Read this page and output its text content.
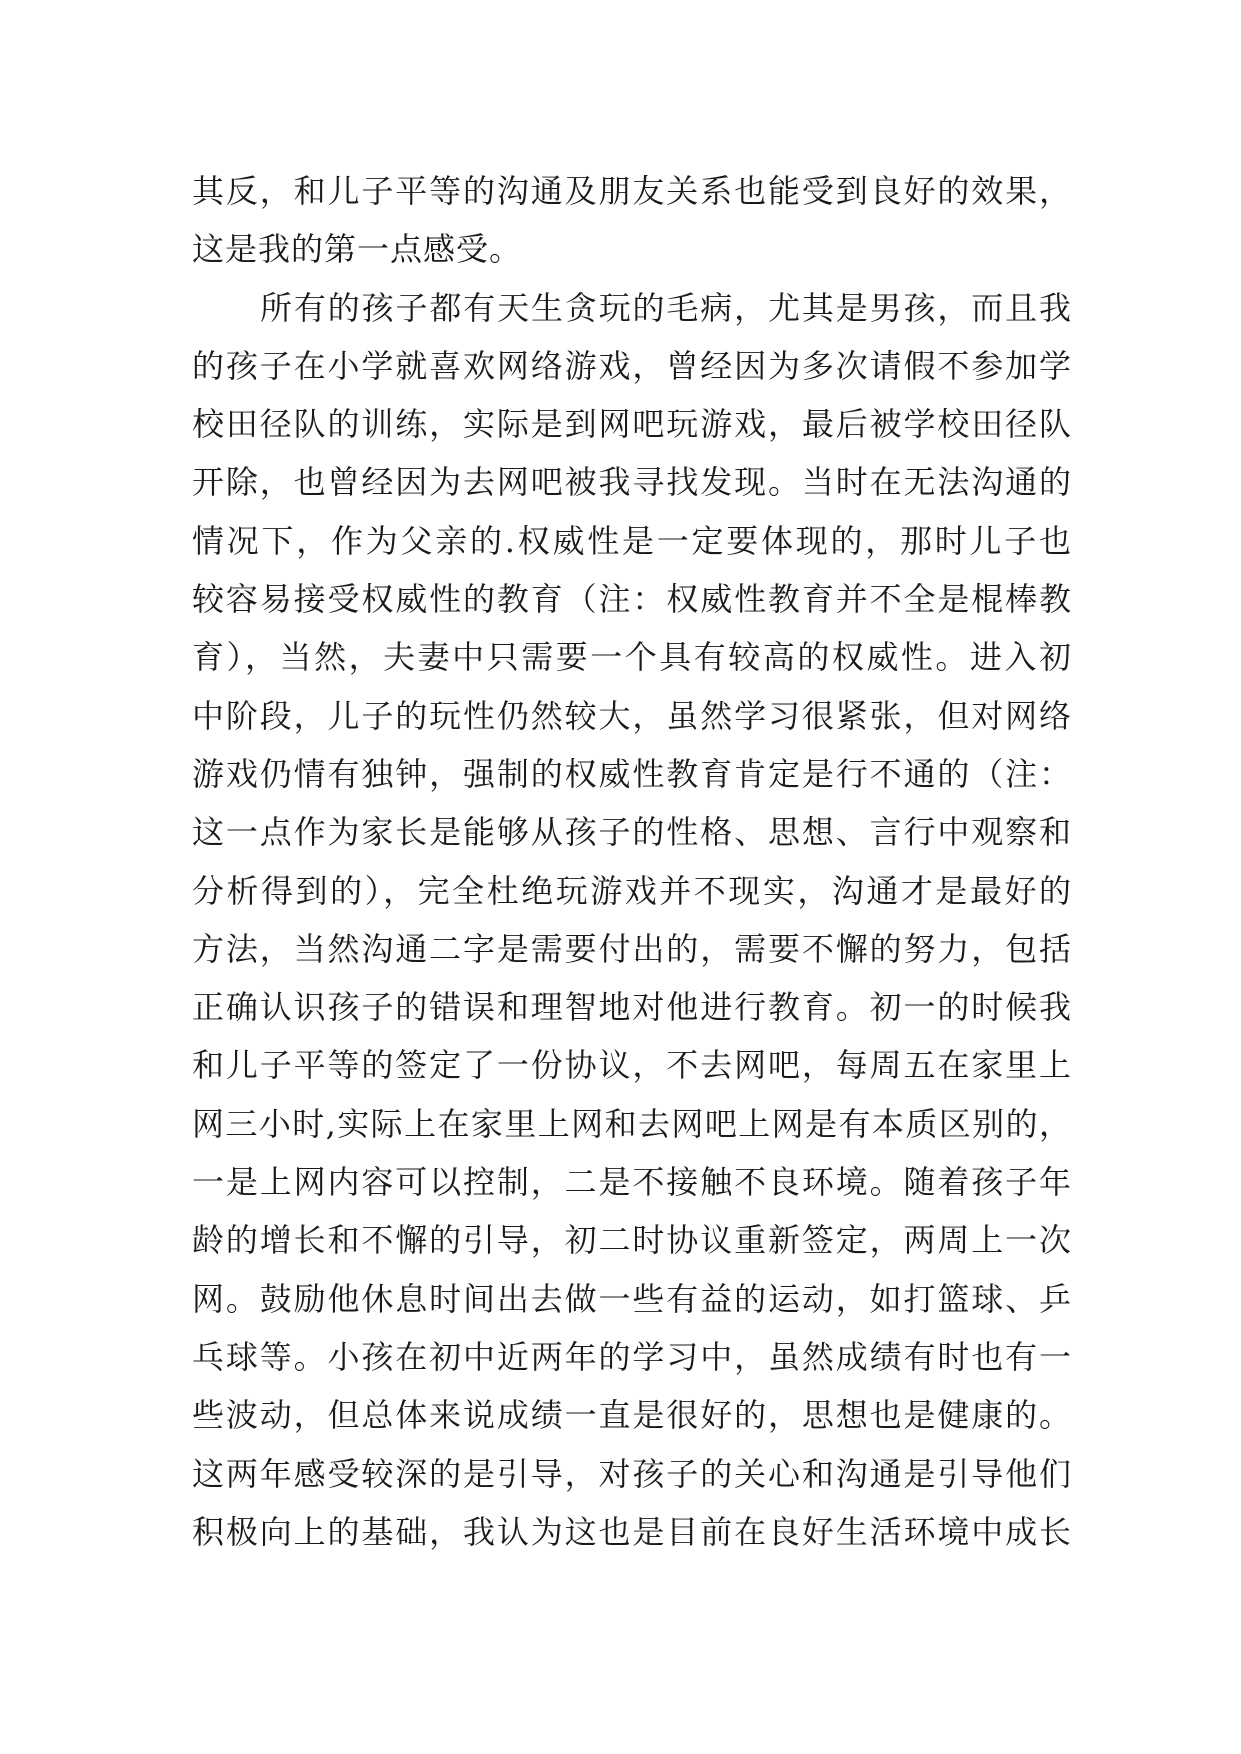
其反，和儿子平等的沟通及朋友关系也能受到良好的效果，
这是我的第一点感受。
所有的孩子都有天生贪玩的毛病，尤其是男孩，而且我
的孩子在小学就喜欢网络游戏，曾经因为多次请假不参加学
校田径队的训练，实际是到网吧玩游戏，最后被学校田径队
开除，也曾经因为去网吧被我寻找发现。当时在无法沟通的
情况下，作为父亲的.权威性是一定要体现的，那时儿子也
较容易接受权威性的教育（注：权威性教育并不全是棍棒教
育），当然，夫妻中只需要一个具有较高的权威性。进入初
中阶段，儿子的玩性仍然较大，虽然学习很紧张，但对网络
游戏仍情有独钟，强制的权威性教育肯定是行不通的（注：
这一点作为家长是能够从孩子的性格、思想、言行中观察和
分析得到的），完全杜绝玩游戏并不现实，沟通才是最好的
方法，当然沟通二字是需要付出的，需要不懈的努力，包括
正确认识孩子的错误和理智地对他进行教育。初一的时候我
和儿子平等的签定了一份协议，不去网吧，每周五在家里上
网三小时,实际上在家里上网和去网吧上网是有本质区别的，
一是上网内容可以控制，二是不接触不良环境。随着孩子年
龄的增长和不懈的引导，初二时协议重新签定，两周上一次
网。鼓励他休息时间出去做一些有益的运动，如打篮球、乒
乓球等。小孩在初中近两年的学习中，虽然成绩有时也有一
些波动，但总体来说成绩一直是很好的，思想也是健康的。
这两年感受较深的是引导，对孩子的关心和沟通是引导他们
积极向上的基础，我认为这也是目前在良好生活环境中成长
